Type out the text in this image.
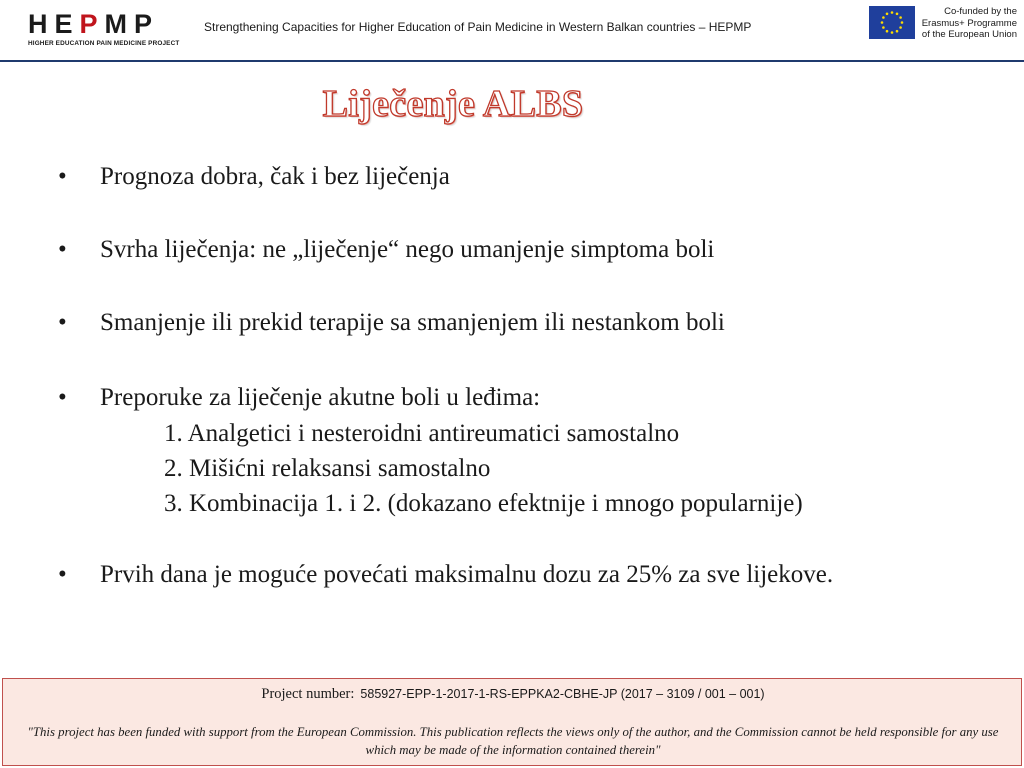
H E P M P
HIGHER EDUCATION PAIN MEDICINE PROJECT
Strengthening Capacities for Higher Education of Pain Medicine in Western Balkan countries – HEPMP
Co-funded by the
Erasmus+ Programme
of the European Union
Liječenje ALBS
•	Prognoza dobra, čak i bez liječenja
•	Svrha liječenja: ne „liječenje“ nego umanjenje simptoma boli
•	Smanjenje ili prekid terapije sa smanjenjem ili nestankom boli
•	Preporuke za liječenje akutne boli u leđima:
1. Analgetici i nesteroidni antireumatici samostalno
2. Mišićni relaksansi samostalno
3. Kombinacija 1. i 2. (dokazano efektnije i mnogo popularnije)
•	Prvih dana je moguće povećati maksimalnu dozu za 25% za sve lijekove.
Project number: 585927-EPP-1-2017-1-RS-EPPKA2-CBHE-JP (2017 – 3109 / 001 – 001)
"This project has been funded with support from the European Commission. This publication reflects the views only of the author, and the Commission cannot be held responsible for any use which may be made of the information contained therein"
